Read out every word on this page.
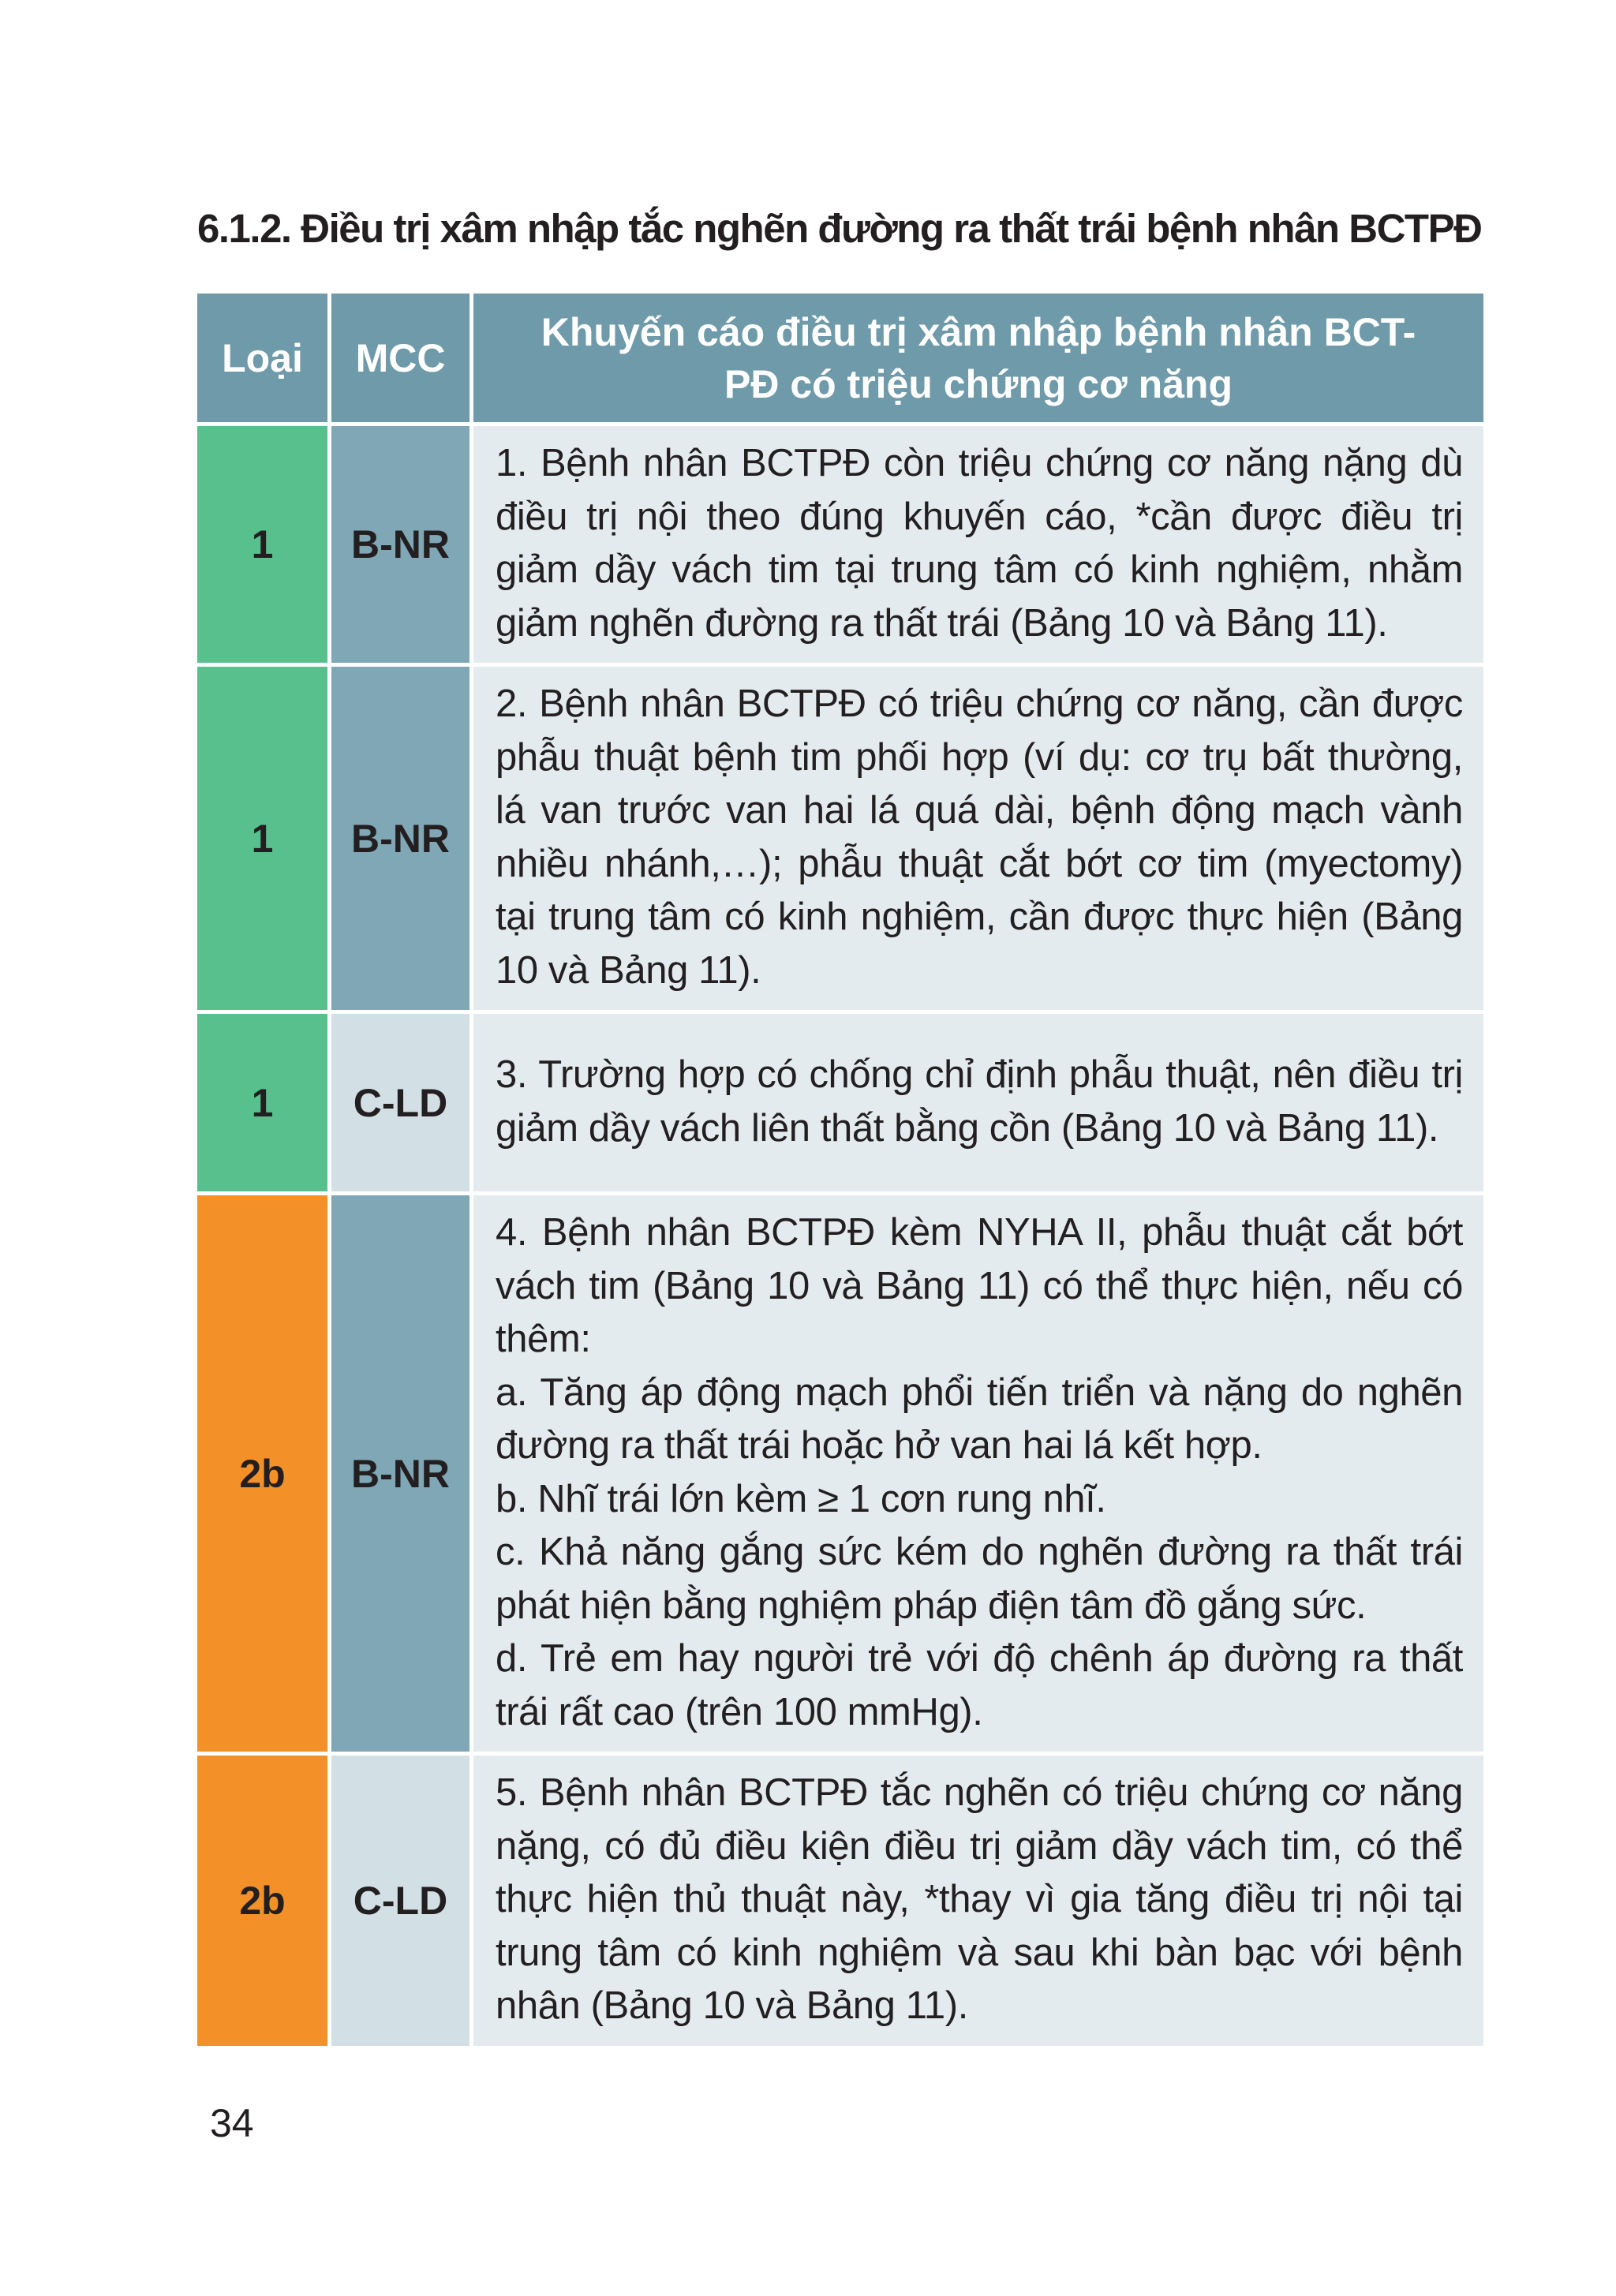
6.1.2. Điều trị xâm nhập tắc nghẽn đường ra thất trái bệnh nhân BCTPĐ
Loại	MCC	Khuyến cáo điều trị xâm nhập bệnh nhân BCT-
PĐ có triệu chứng cơ năng
1	B-NR	1. Bệnh nhân BCTPĐ còn triệu chứng cơ năng nặng dù điều trị nội theo đúng khuyến cáo, *cần được điều trị giảm dầy vách tim tại trung tâm có kinh nghiệm, nhằm giảm nghẽn đường ra thất trái (Bảng 10 và Bảng 11).
1	B-NR	2. Bệnh nhân BCTPĐ có triệu chứng cơ năng, cần được phẫu thuật bệnh tim phối hợp (ví dụ: cơ trụ bất thường, lá van trước van hai lá quá dài, bệnh động mạch vành nhiều nhánh,…); phẫu thuật cắt bớt cơ tim (myectomy) tại trung tâm có kinh nghiệm, cần được thực hiện (Bảng 10 và Bảng 11).
1	C-LD	3. Trường hợp có chống chỉ định phẫu thuật, nên điều trị giảm dầy vách liên thất bằng cồn (Bảng 10 và Bảng 11).
2b	B-NR	4. Bệnh nhân BCTPĐ kèm NYHA II, phẫu thuật cắt bớt vách tim (Bảng 10 và Bảng 11) có thể thực hiện, nếu có thêm:
a. Tăng áp động mạch phổi tiến triển và nặng do nghẽn đường ra thất trái hoặc hở van hai lá kết hợp.
b. Nhĩ trái lớn kèm ≥ 1 cơn rung nhĩ.
c. Khả năng gắng sức kém do nghẽn đường ra thất trái phát hiện bằng nghiệm pháp điện tâm đồ gắng sức.
d. Trẻ em hay người trẻ với độ chênh áp đường ra thất trái rất cao (trên 100 mmHg).

2b	C-LD	5. Bệnh nhân BCTPĐ tắc nghẽn có triệu chứng cơ năng nặng, có đủ điều kiện điều trị giảm dầy vách tim, có thể thực hiện thủ thuật này, *thay vì gia tăng điều trị nội tại trung tâm có kinh nghiệm và sau khi bàn bạc với bệnh nhân (Bảng 10 và Bảng 11).
34
